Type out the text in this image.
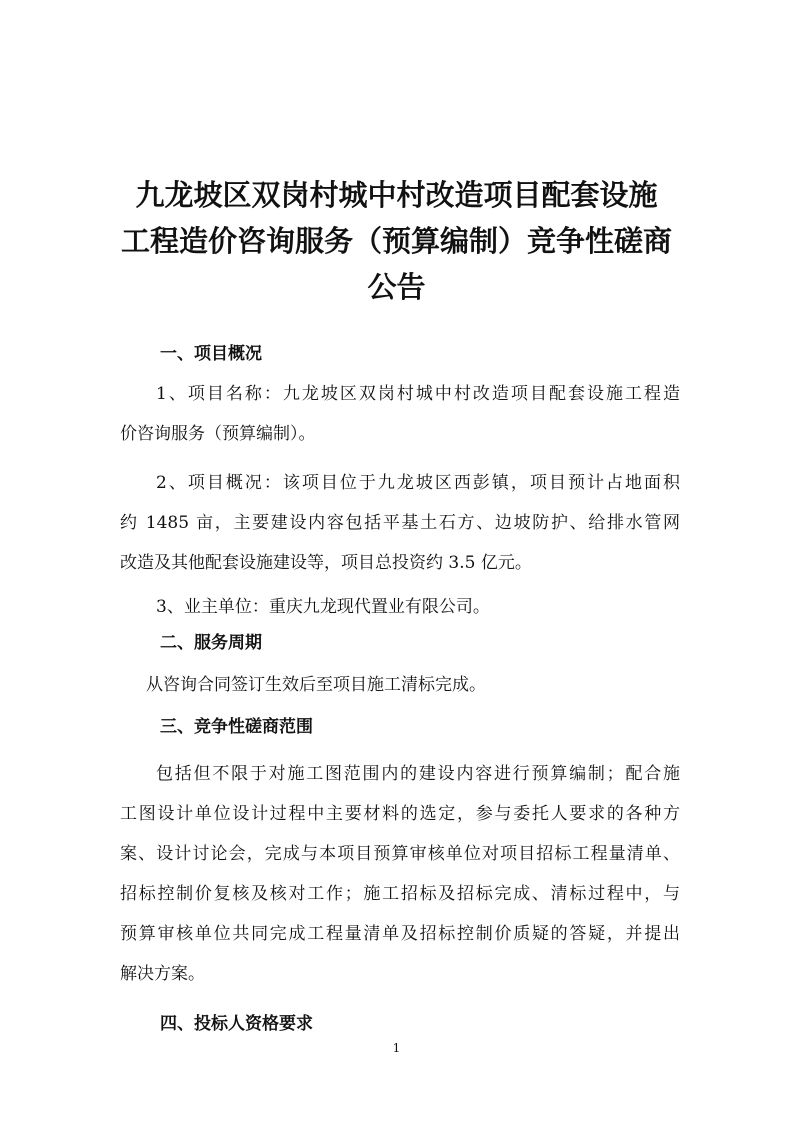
九龙坡区双岗村城中村改造项目配套设施
工程造价咨询服务（预算编制）竞争性磋商
公告
一、项目概况

1、项目名称：九龙坡区双岗村城中村改造项目配套设施工程造
价咨询服务（预算编制）。

2、项目概况：该项目位于九龙坡区西彭镇，项目预计占地面积
约 1485 亩，主要建设内容包括平基土石方、边坡防护、给排水管网
改造及其他配套设施建设等，项目总投资约 3.5 亿元。

3、业主单位：重庆九龙现代置业有限公司。

二、服务周期

从咨询合同签订生效后至项目施工清标完成。

三、竞争性磋商范围

包括但不限于对施工图范围内的建设内容进行预算编制；配合施
工图设计单位设计过程中主要材料的选定，参与委托人要求的各种方
案、设计讨论会，完成与本项目预算审核单位对项目招标工程量清单、
招标控制价复核及核对工作；施工招标及招标完成、清标过程中，与
预算审核单位共同完成工程量清单及招标控制价质疑的答疑，并提出
解决方案。

四、投标人资格要求

1
